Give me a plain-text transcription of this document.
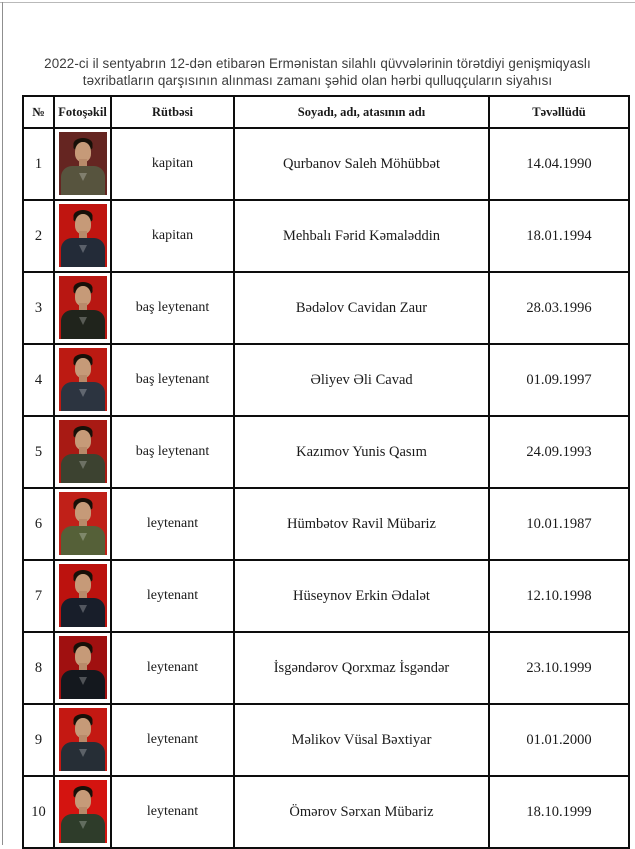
2022-ci il sentyabrın 12-dən etibarən Ermənistan silahlı qüvvələrinin törətdiyi genişmiqyaslı
təxribatların qarşısının alınması zamanı şəhid olan hərbi qulluqçuların siyahısı
№	Fotoşəkil	Rütbəsi	Soyadı, adı, atasının adı	Təvəllüdü
1		kapitan	Qurbanov Saleh Möhübbət	14.04.1990
2		kapitan	Mehbalı Fərid Kəmaləddin	18.01.1994
3		baş leytenant	Bədəlov Cavidan Zaur	28.03.1996
4		baş leytenant	Əliyev Əli Cavad	01.09.1997
5		baş leytenant	Kazımov Yunis Qasım	24.09.1993
6		leytenant	Hümbətov Ravil Mübariz	10.01.1987
7		leytenant	Hüseynov Erkin Ədalət	12.10.1998
8		leytenant	İsgəndərov Qorxmaz İsgəndər	23.10.1999
9		leytenant	Məlikov Vüsal Bəxtiyar	01.01.2000
10		leytenant	Ömərov Sərxan Mübariz	18.10.1999
